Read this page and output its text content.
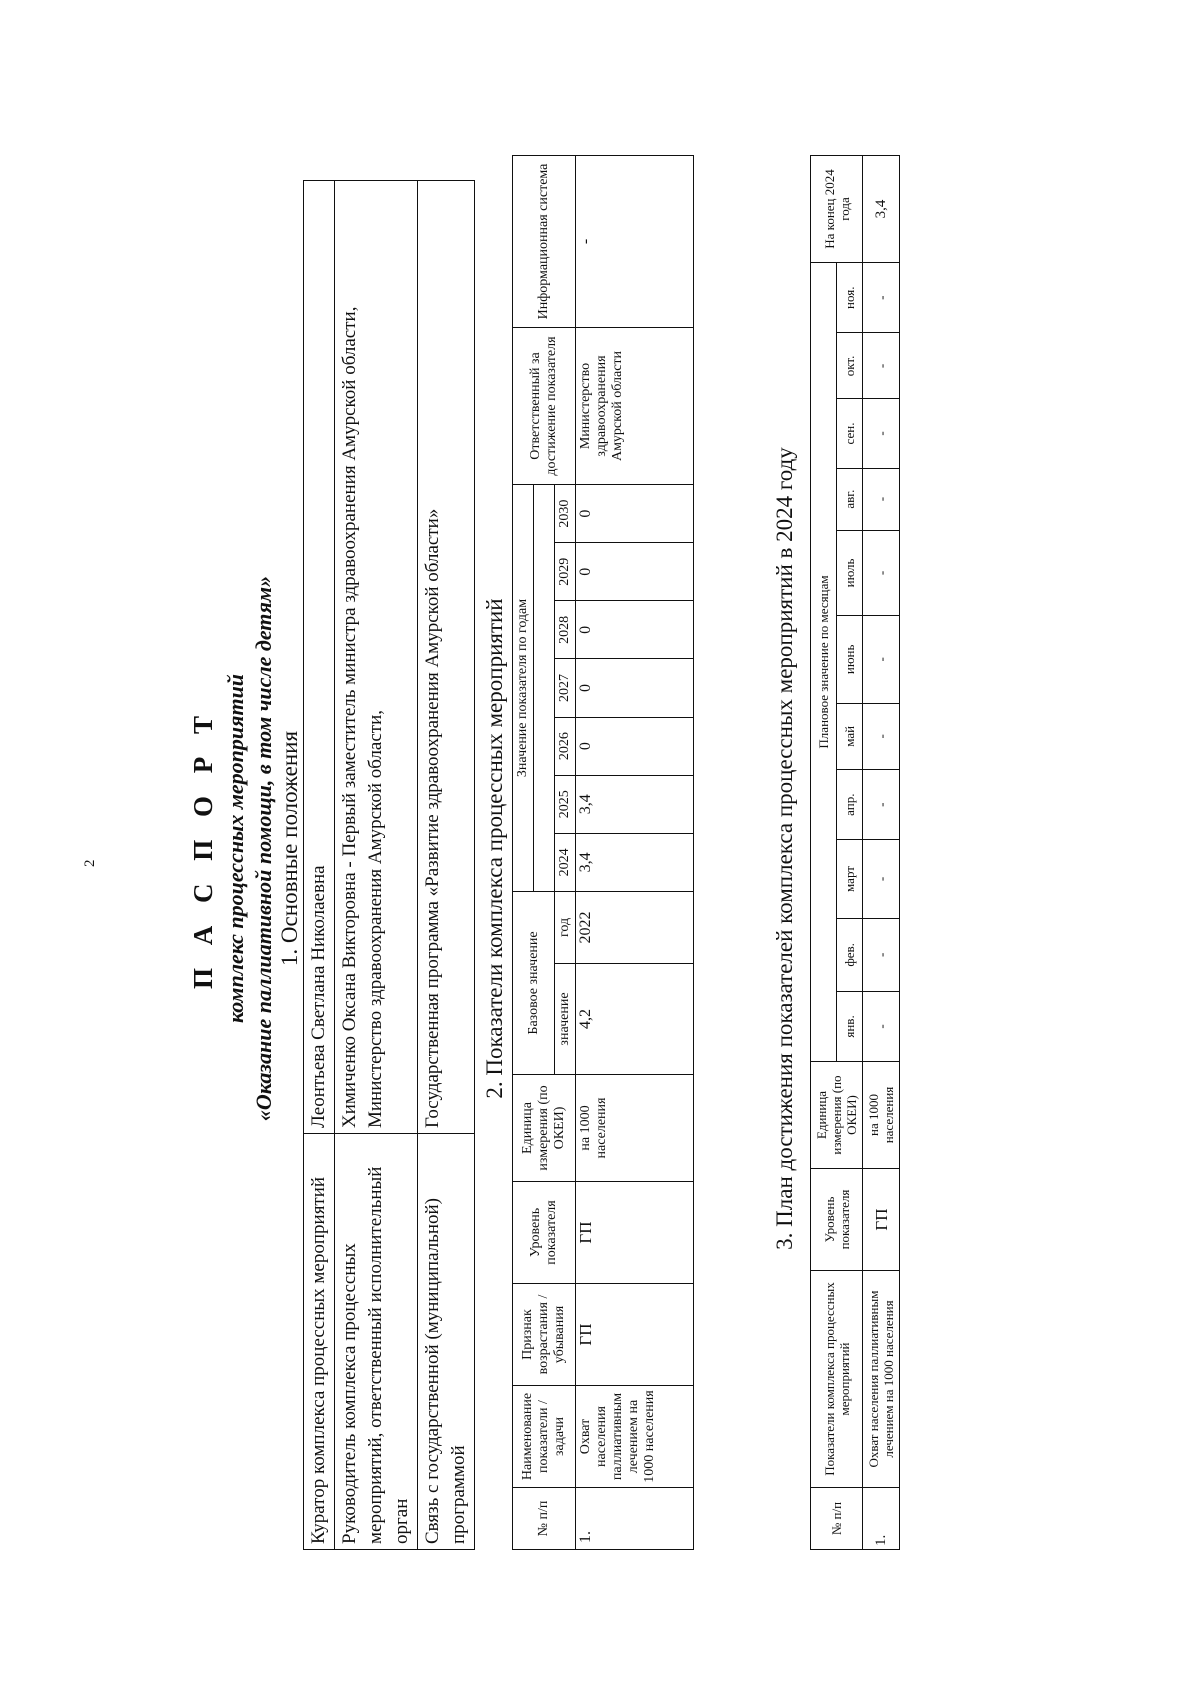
2	П А С П О Р Т комплекс процессных мероприятий «Оказание паллиативной помощи, в том числе детям» 1. Основные положения
Куратор комплекса процессных мероприятий	Леонтьева Светлана Николаевна
Руководитель комплекса процессных мероприятий, ответственный исполнительный орган	Химиченко Оксана Викторовна - Первый заместитель министра здравоохранения Амурской области, Министерство здравоохранения Амурской области,
Связь с государственной (муниципальной) программой	Государственная программа «Развитие здравоохранения Амурской области» 2. Показатели комплекса процессных мероприятий
№ п/п	Наименование показатели /задачи	Признак возрастания / убывания	Уровень показателя	Единица измерения (по ОКЕИ)	Базовое значение		Значение показателя по годам							Ответственный за достижение показателя	Информационная система

					значение	год	2024	2025	2026	2027	2028	2029	2030		
1.	Охват населения паллиативным лечением на 1000 населения	ГП	ГП	на 1000 населения	4,2	2022	3,4	3,4	0	0	0	0	0	Министерство здравоохранения Амурской области	-
3. План достижения показателей комплекса процессных мероприятий в 2024 году
№ п/п	Показатели комплекса процессных мероприятий	Уровень показателя	Единица измерения (по ОКЕИ)	Плановое значение по месяцам											На конец 2024 года
				янв.	фев.	март	апр.	май	июнь	июль	авг.	сен.	окт.	ноя.	
1.	Охват населения паллиативным лечением на 1000 населения	ГП	на 1000 населения	-	-	-	-	-	-	-	-	-	-	-	3,4
